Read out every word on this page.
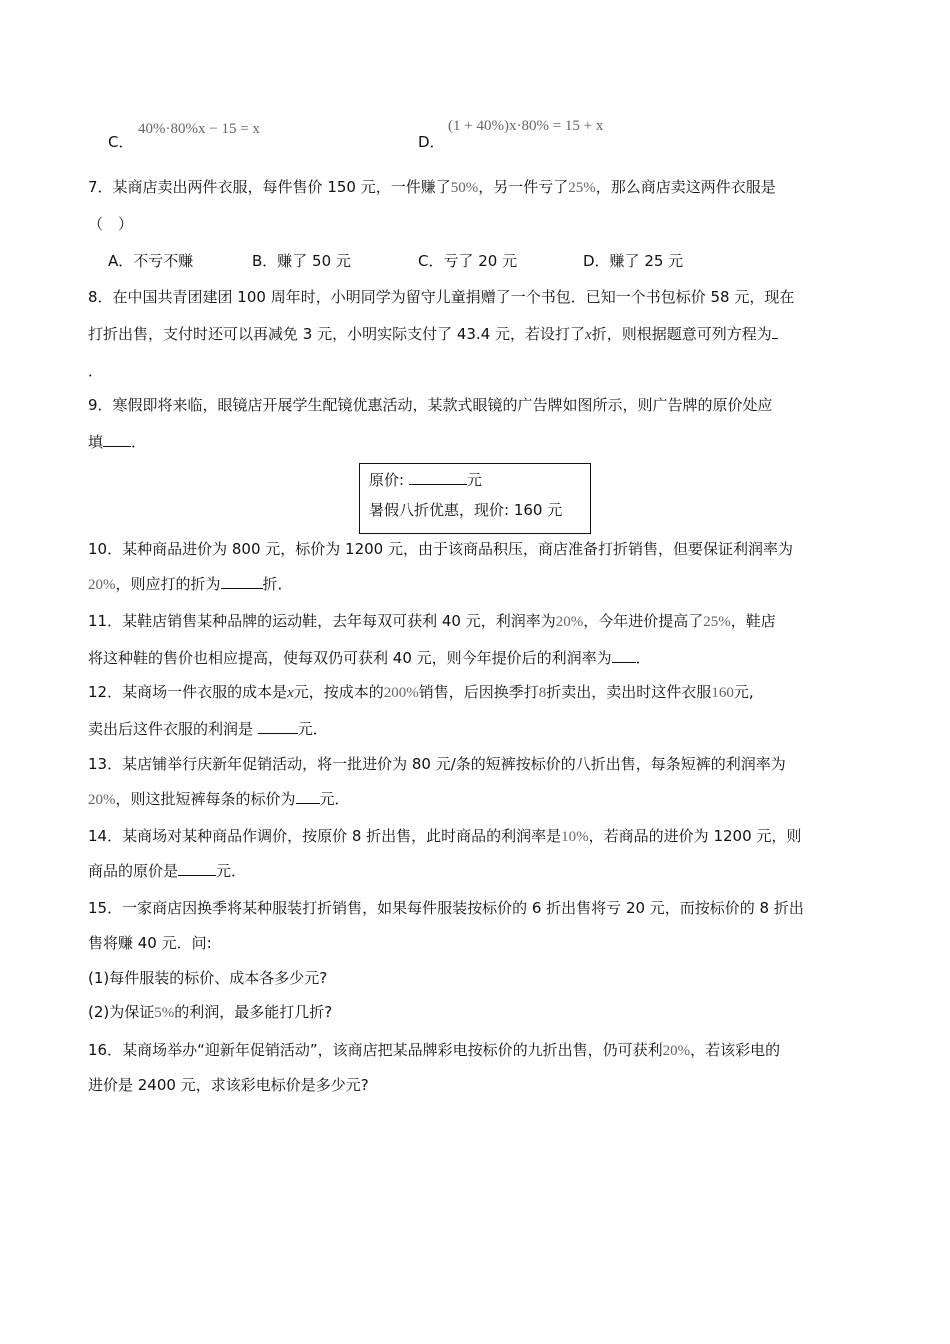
C．
40%·80%x − 15 = x
D．
(1 + 40%)x·80% = 15 + x
7．某商店卖出两件衣服，每件售价 150 元，一件赚了50%，另一件亏了25%，那么商店卖这两件衣服是
（　）
A．不亏不赚	B．赚了 50 元	C．亏了 20 元	D．赚了 25 元
8．在中国共青团建团 100 周年时，小明同学为留守儿童捐赠了一个书包．已知一个书包标价 58 元，现在
打折出售，支付时还可以再减免 3 元，小明实际支付了 43.4 元，若设打了x折，则根据题意可列方程为
．
9．寒假即将来临，眼镜店开展学生配镜优惠活动，某款式眼镜的广告牌如图所示，则广告牌的原价处应
填 ．
原价:	元
暑假八折优惠，现价: 160 元
10．某种商品进价为 800 元，标价为 1200 元，由于该商品积压，商店准备打折销售，但要保证利润率为
20%，则应打的折为	折．
11．某鞋店销售某种品牌的运动鞋，去年每双可获利 40 元，利润率为20%，今年进价提高了25%，鞋店
将这种鞋的售价也相应提高，使每双仍可获利 40 元，则今年提价后的利润率为 ．
12．某商场一件衣服的成本是x元，按成本的200%销售，后因换季打8折卖出，卖出时这件衣服160元,
卖出后这件衣服的利润是	元．
13．某店铺举行庆新年促销活动，将一批进价为 80 元/条的短裤按标价的八折出售，每条短裤的利润率为
20%，则这批短裤每条的标价为 元．
14．某商场对某种商品作调价，按原价 8 折出售，此时商品的利润率是10%，若商品的进价为 1200 元，则
商品的原价是	元．
15．一家商店因换季将某种服装打折销售，如果每件服装按标价的 6 折出售将亏 20 元，而按标价的 8 折出
售将赚 40 元．问:
(1)每件服装的标价、成本各多少元?
(2)为保证5%的利润，最多能打几折?
16．某商场举办“迎新年促销活动”，该商店把某品牌彩电按标价的九折出售，仍可获利20%，若该彩电的
进价是 2400 元，求该彩电标价是多少元?
